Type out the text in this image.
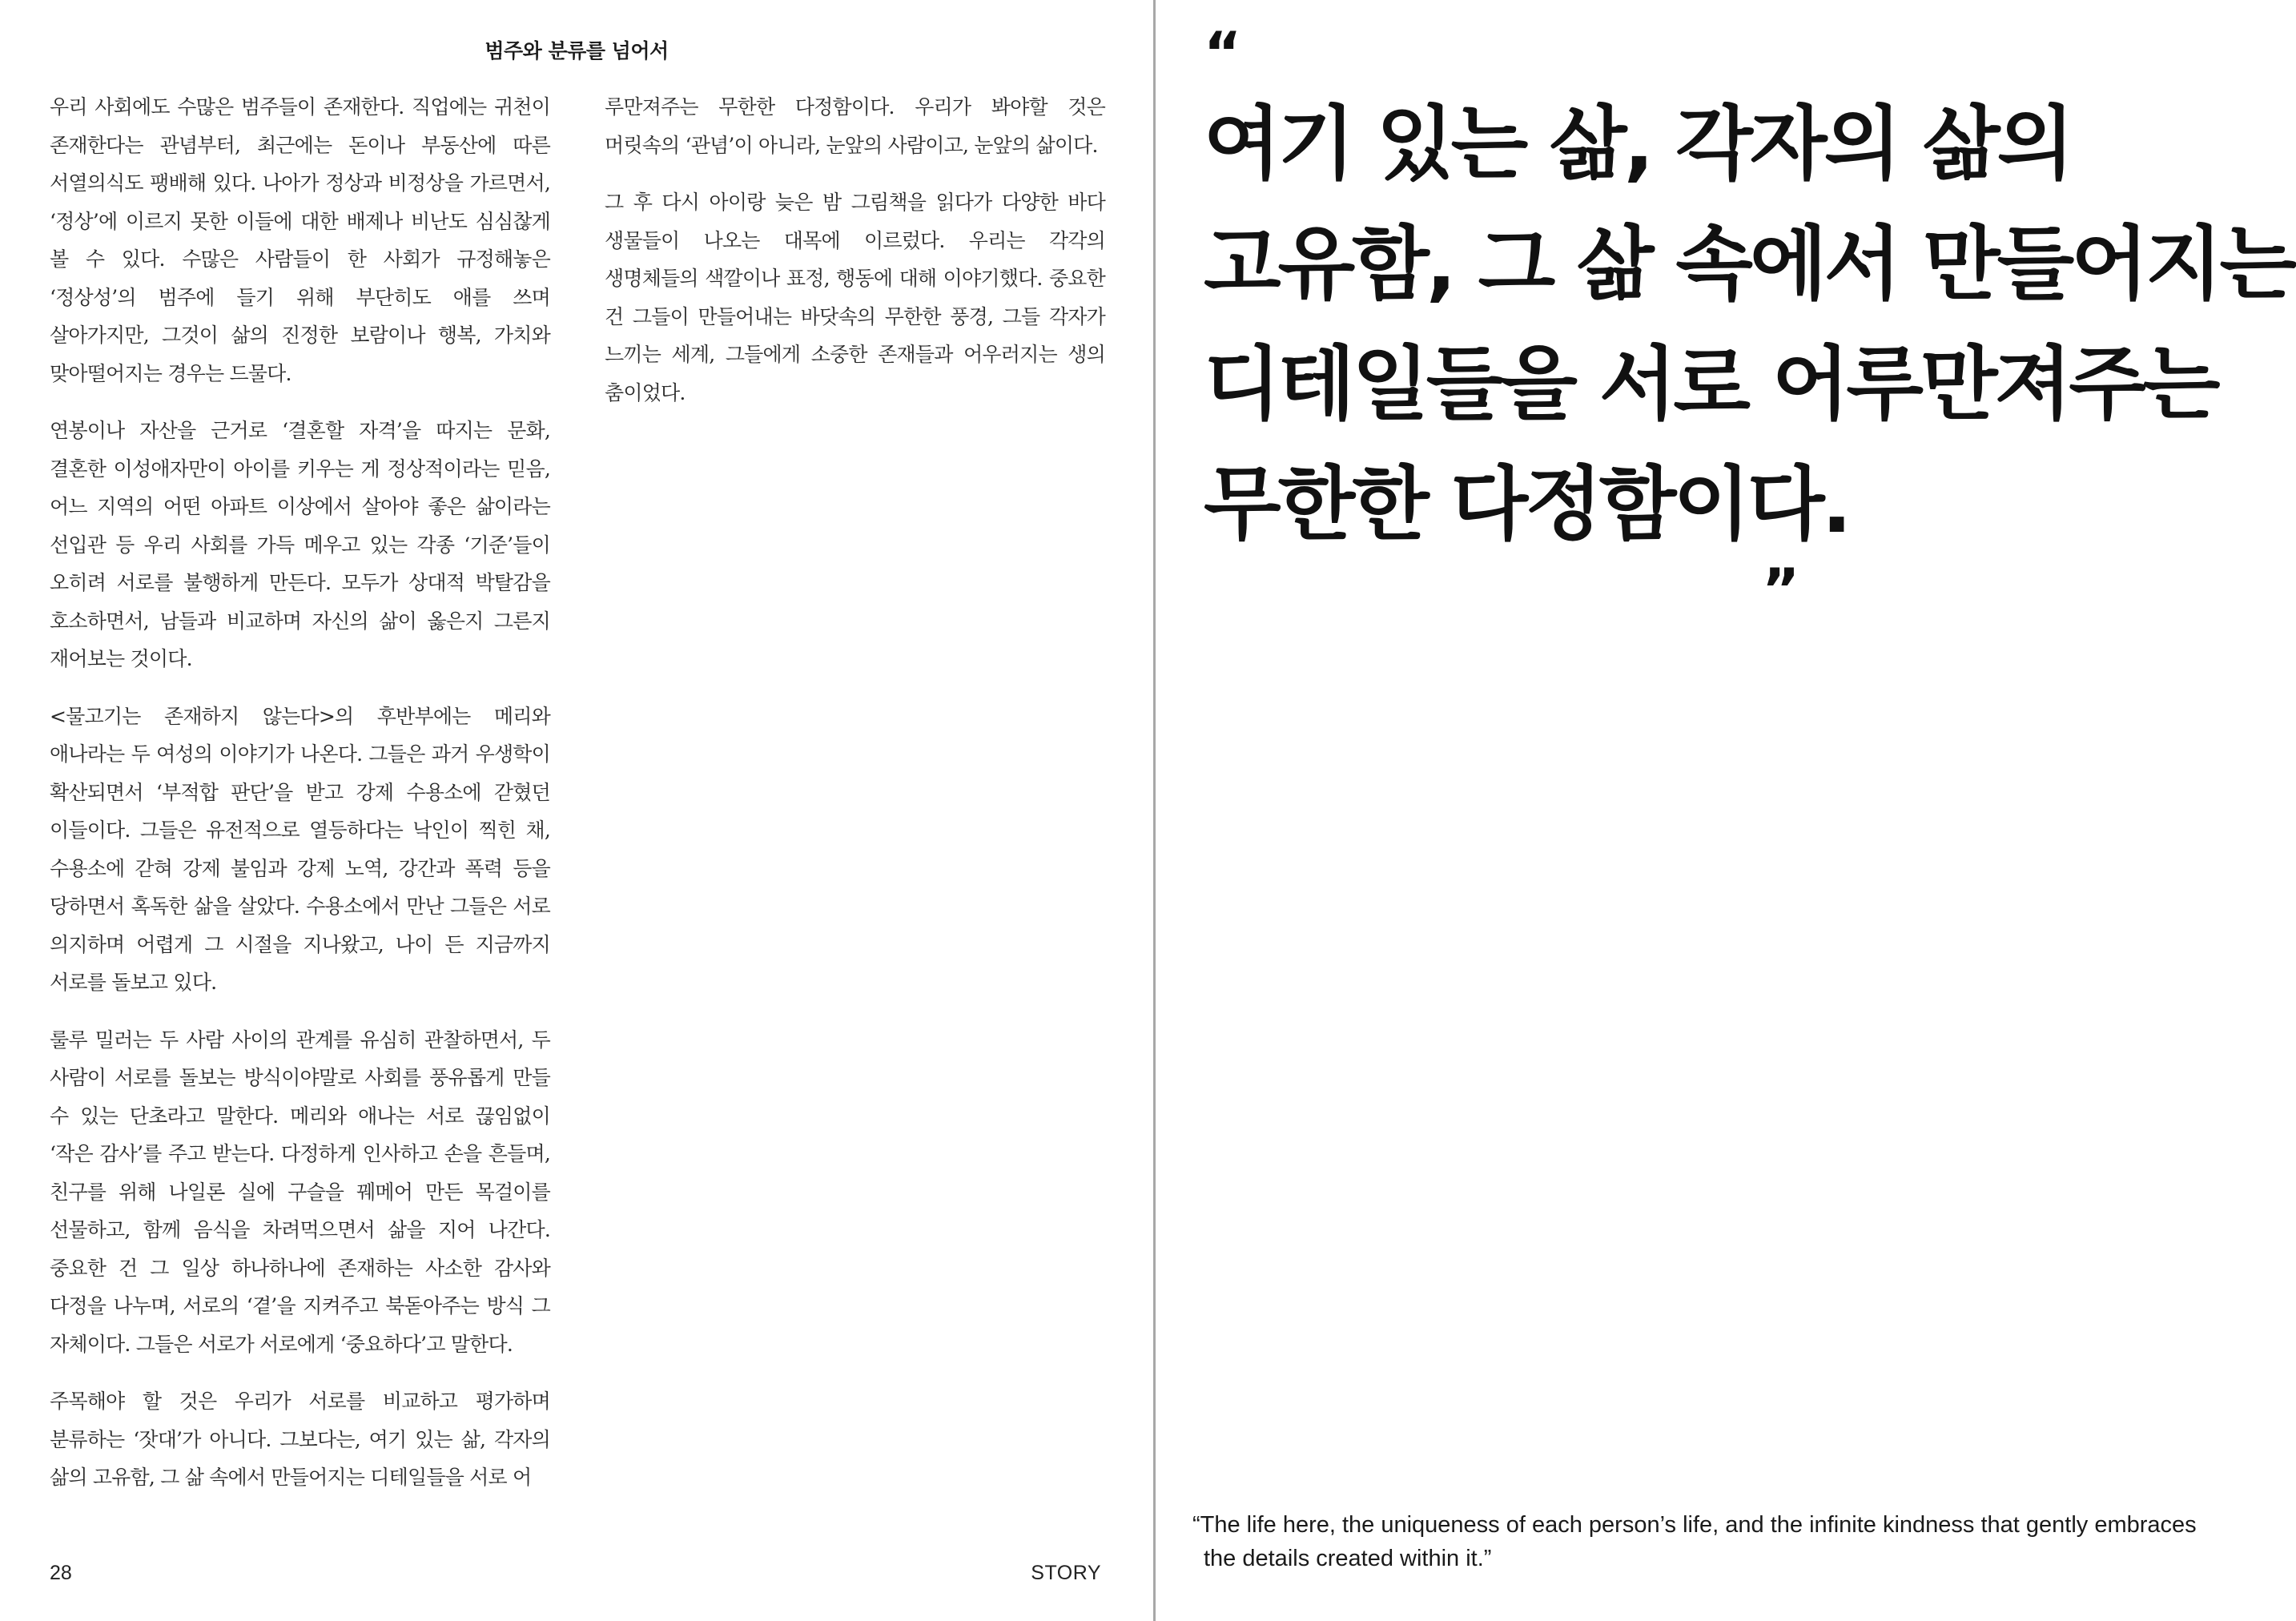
범주와 분류를 넘어서

우리 사회에도 수많은 범주들이 존재한다. 직업에는 귀천이 존재한다는 관념부터, 최근에는 돈이나 부동산에 따른 서열의식도 팽배해 있다. 나아가 정상과 비정상을 가르면서, ‘정상’에 이르지 못한 이들에 대한 배제나 비난도 심심찮게 볼 수 있다. 수많은 사람들이 한 사회가 규정해놓은 ‘정상성’의 범주에 들기 위해 부단히도 애를 쓰며 살아가지만, 그것이 삶의 진정한 보람이나 행복, 가치와 맞아떨어지는 경우는 드물다.

연봉이나 자산을 근거로 ‘결혼할 자격’을 따지는 문화, 결혼한 이성애자만이 아이를 키우는 게 정상적이라는 믿음, 어느 지역의 어떤 아파트 이상에서 살아야 좋은 삶이라는 선입관 등 우리 사회를 가득 메우고 있는 각종 ‘기준’들이 오히려 서로를 불행하게 만든다. 모두가 상대적 박탈감을 호소하면서, 남들과 비교하며 자신의 삶이 옳은지 그른지 재어보는 것이다.

<물고기는 존재하지 않는다>의 후반부에는 메리와 애나라는 두 여성의 이야기가 나온다. 그들은 과거 우생학이 확산되면서 ‘부적합 판단’을 받고 강제 수용소에 갇혔던 이들이다. 그들은 유전적으로 열등하다는 낙인이 찍힌 채, 수용소에 갇혀 강제 불임과 강제 노역, 강간과 폭력 등을 당하면서 혹독한 삶을 살았다. 수용소에서 만난 그들은 서로 의지하며 어렵게 그 시절을 지나왔고, 나이 든 지금까지 서로를 돌보고 있다.

룰루 밀러는 두 사람 사이의 관계를 유심히 관찰하면서, 두 사람이 서로를 돌보는 방식이야말로 사회를 풍유롭게 만들 수 있는 단초라고 말한다. 메리와 애나는 서로 끊임없이 ‘작은 감사’를 주고 받는다. 다정하게 인사하고 손을 흔들며, 친구를 위해 나일론 실에 구슬을 꿰메어 만든 목걸이를 선물하고, 함께 음식을 차려먹으면서 삶을 지어 나간다. 중요한 건 그 일상 하나하나에 존재하는 사소한 감사와 다정을 나누며, 서로의 ‘곁’을 지켜주고 북돋아주는 방식 그 자체이다. 그들은 서로가 서로에게 ‘중요하다’고 말한다.

주목해야 할 것은 우리가 서로를 비교하고 평가하며 분류하는 ‘잣대’가 아니다. 그보다는, 여기 있는 삶, 각자의 삶의 고유함, 그 삶 속에서 만들어지는 디테일들을 서로 어

루만져주는 무한한 다정함이다. 우리가 봐야할 것은 머릿속의 ‘관념’이 아니라, 눈앞의 사람이고, 눈앞의 삶이다.

그 후 다시 아이랑 늦은 밤 그림책을 읽다가 다양한 바다 생물들이 나오는 대목에 이르렀다. 우리는 각각의 생명체들의 색깔이나 표정, 행동에 대해 이야기했다. 중요한 건 그들이 만들어내는 바닷속의 무한한 풍경, 그들 각자가 느끼는 세계, 그들에게 소중한 존재들과 어우러지는 생의 춤이었다.

28	STORY
“
여기 있는 삶, 각자의 삶의
고유함, 그 삶 속에서 만들어지는
디테일들을 서로 어루만져주는
무한한 다정함이다.
”
“The life here, the uniqueness of each person’s life, and the infinite kindness that gently embraces
the details created within it.”
